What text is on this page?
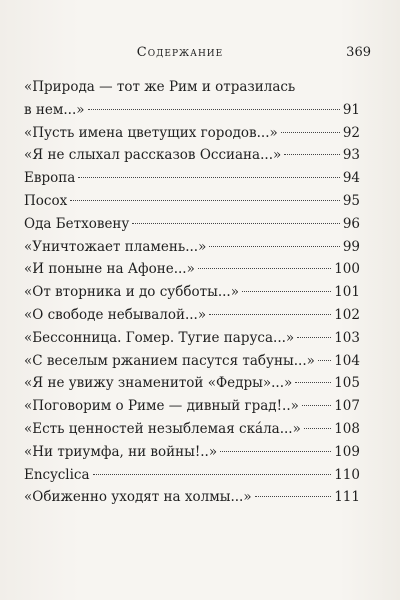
Содержание	369
«Природа — тот же Рим и отразилась
в нем...»	91
«Пусть имена цветущих городов...»	92
«Я не слыхал рассказов Оссиана...»	93
Европа	94
Посох	95
Ода Бетховену	96
«Уничтожает пламень...»	99
«И поныне на Афоне...»	100
«От вторника и до субботы...»	101
«О свободе небывалой...»	102
«Бессонница. Гомер. Тугие паруса...»	103
«С веселым ржанием пасутся табуны...» 104
«Я не увижу знаменитой «Федры»...»	105
«Поговорим о Риме — дивный град!..»	107
«Есть ценностей незыблемая скáла...» 108
«Ни триумфа, ни войны!..»	109
Encyclica	110
«Обиженно уходят на холмы...»	111
